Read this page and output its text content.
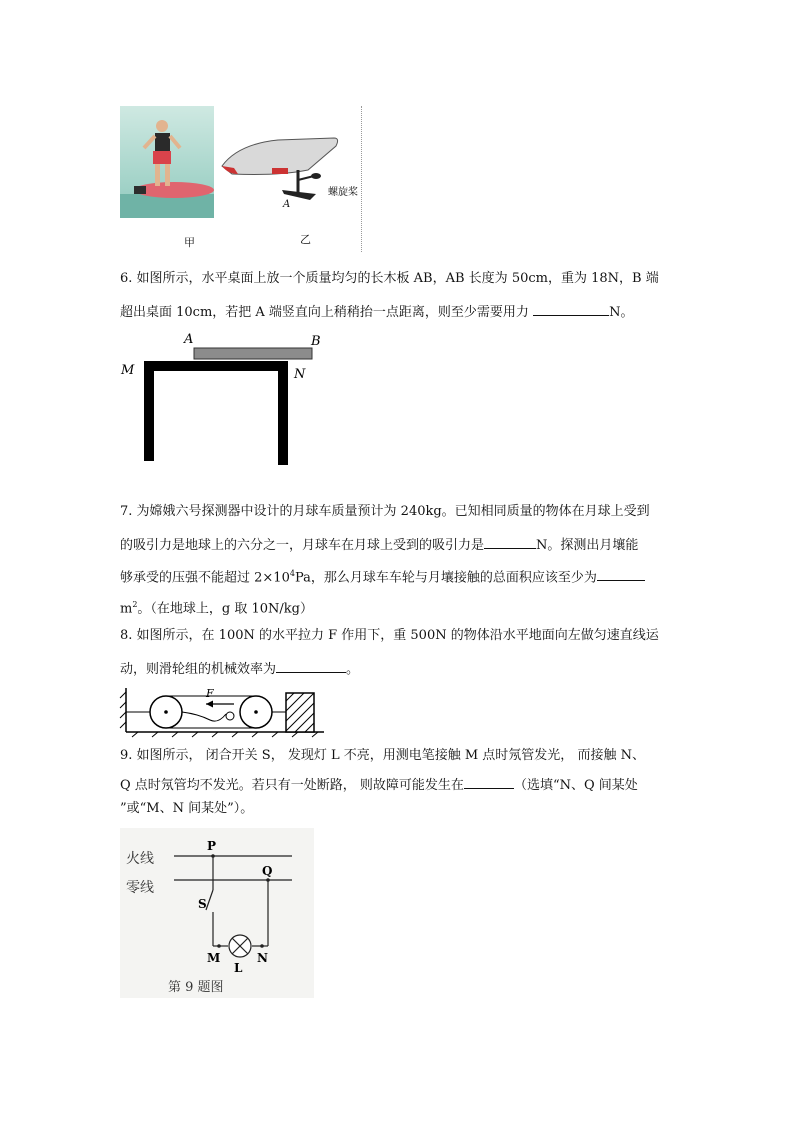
甲
A
螺旋桨
乙
6. 如图所示，水平桌面上放一个质量均匀的长木板 AB，AB 长度为 50cm，重为 18N，B 端
超出桌面 10cm，若把 A 端竖直向上稍稍抬一点距离，则至少需要用力	N。
A	B
M	N
7. 为嫦娥六号探测器中设计的月球车质量预计为 240kg。已知相同质量的物体在月球上受到
的吸引力是地球上的六分之一，月球车在月球上受到的吸引力是	N。探测出月壤能
够承受的压强不能超过 $2\times 10^4Pa$，那么月球车车轮与月壤接触的总面积应该至少为
$m^2$。（在地球上，g 取 10N/kg）
8. 如图所示，在 100N 的水平拉力 F 作用下，重 500N 的物体沿水平地面向左做匀速直线运
动，则滑轮组的机械效率为	。
F
9. 如图所示， 闭合开关 S， 发现灯 L 不亮，用测电笔接触 M 点时氖管发光， 而接触 N、
Q 点时氖管均不发光。若只有一处断路， 则故障可能发生在	（选填“N、Q 间某处
”或“M、N 间某处”）。
火线
零线
P
Q
S
M
L
N
第 9 题图
